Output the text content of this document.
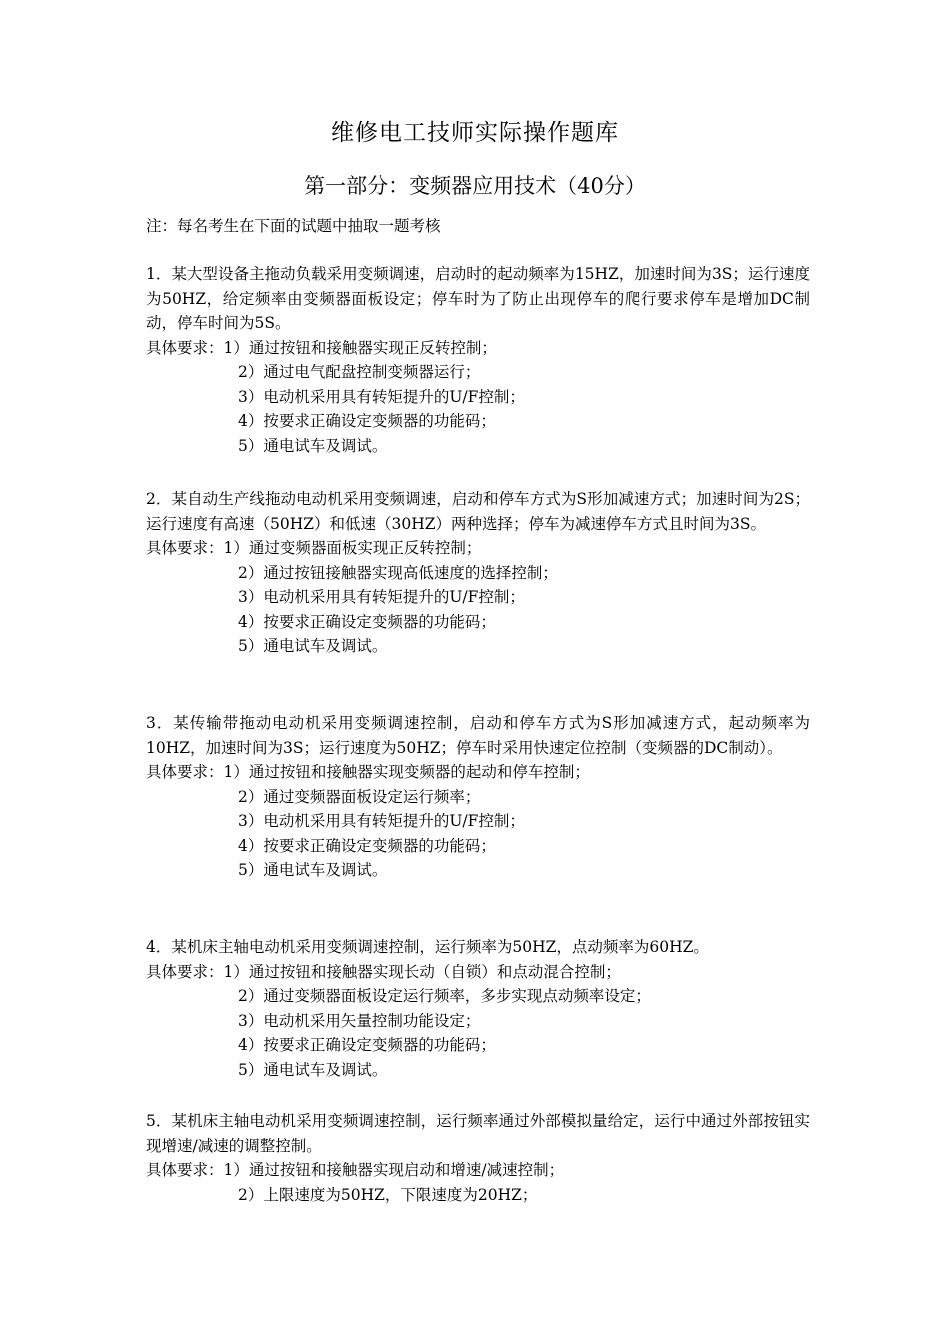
维修电工技师实际操作题库
第一部分：变频器应用技术（40分）
注：每名考生在下面的试题中抽取一题考核

1．某大型设备主拖动负载采用变频调速，启动时的起动频率为15HZ，加速时间为3S；运行速度为50HZ，给定频率由变频器面板设定；停车时为了防止出现停车的爬行要求停车是增加DC制动，停车时间为5S。

具体要求：1）通过按钮和接触器实现正反转控制；

2）通过电气配盘控制变频器运行；

3）电动机采用具有转矩提升的U/F控制；

4）按要求正确设定变频器的功能码；

5）通电试车及调试。

2．某自动生产线拖动电动机采用变频调速，启动和停车方式为S形加减速方式；加速时间为2S；运行速度有高速（50HZ）和低速（30HZ）两种选择；停车为减速停车方式且时间为3S。

具体要求：1）通过变频器面板实现正反转控制；

2）通过按钮接触器实现高低速度的选择控制；

3）电动机采用具有转矩提升的U/F控制；

4）按要求正确设定变频器的功能码；

5）通电试车及调试。

3．某传输带拖动电动机采用变频调速控制，启动和停车方式为S形加减速方式，起动频率为10HZ，加速时间为3S；运行速度为50HZ；停车时采用快速定位控制（变频器的DC制动）。

具体要求：1）通过按钮和接触器实现变频器的起动和停车控制；

2）通过变频器面板设定运行频率；

3）电动机采用具有转矩提升的U/F控制；

4）按要求正确设定变频器的功能码；

5）通电试车及调试。

4．某机床主轴电动机采用变频调速控制，运行频率为50HZ，点动频率为60HZ。

具体要求：1）通过按钮和接触器实现长动（自锁）和点动混合控制；

2）通过变频器面板设定运行频率，多步实现点动频率设定；

3）电动机采用矢量控制功能设定；

4）按要求正确设定变频器的功能码；

5）通电试车及调试。

5．某机床主轴电动机采用变频调速控制，运行频率通过外部模拟量给定，运行中通过外部按钮实现增速/减速的调整控制。

具体要求：1）通过按钮和接触器实现启动和增速/减速控制；

2）上限速度为50HZ，下限速度为20HZ；
